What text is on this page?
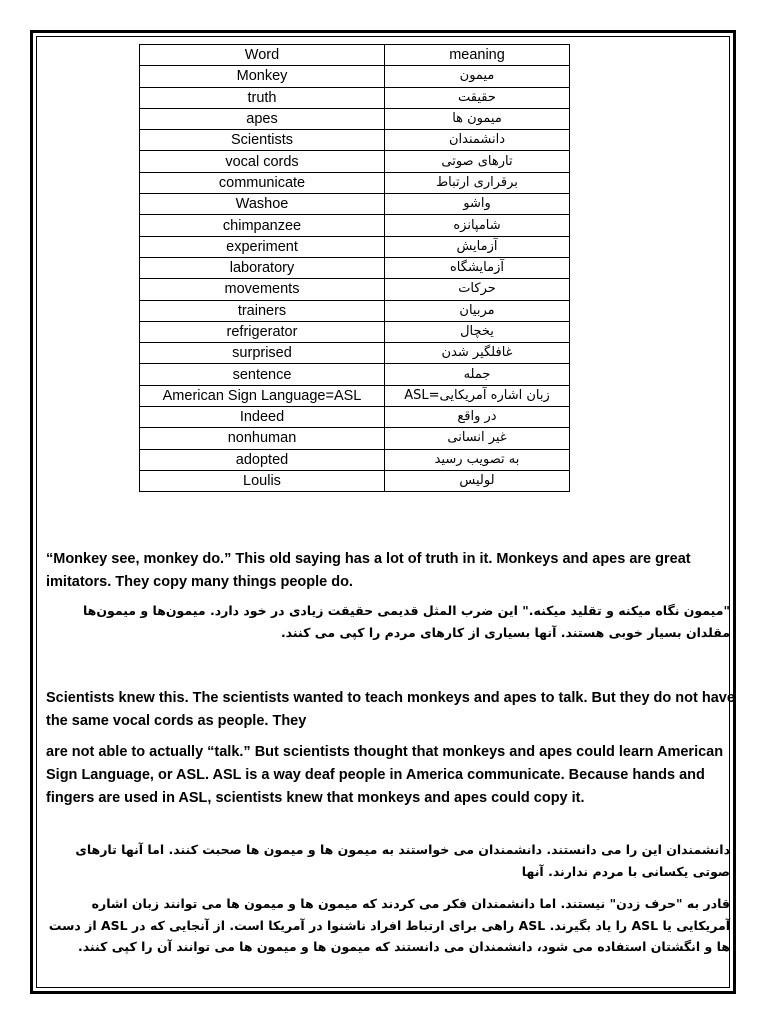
Word	meaning
Monkey	میمون
truth	حقیقت
apes	میمون ها
Scientists	دانشمندان
vocal cords	تارهای صوتی
communicate	برقراری ارتباط
Washoe	واشو
chimpanzee	شامپانزه
experiment	آزمایش
laboratory	آزمایشگاه
movements	حرکات
trainers	مربیان
refrigerator	یخچال
surprised	غافلگیر شدن
sentence	جمله
American Sign Language=ASL	زبان اشاره آمریکایی=ASL
Indeed	در واقع
nonhuman	غیر انسانی
adopted	به تصویب رسید
Loulis	لولیس

“Monkey see, monkey do.” This old saying has a lot of truth in it. Monkeys and apes are great imitators. They copy many things people do.

"میمون نگاه میکنه و تقلید میکنه." این ضرب المثل قدیمی حقیقت زیادی در خود دارد. میمون‌ها و میمون‌ها مقلدان بسیار خوبی هستند. آنها بسیاری از کارهای مردم را کپی می کنند.

Scientists knew this. The scientists wanted to teach monkeys and apes to talk. But they do not have the same vocal cords as people. They

are not able to actually “talk.” But scientists thought that monkeys and apes could learn American Sign Language, or ASL. ASL is a way deaf people in America communicate. Because hands and fingers are used in ASL, scientists knew that monkeys and apes could copy it.

دانشمندان این را می دانستند. دانشمندان می خواستند به میمون ها و میمون ها صحبت کنند. اما آنها تارهای صوتی یکسانی با مردم ندارند. آنها

قادر به "حرف زدن" نیستند. اما دانشمندان فکر می کردند که میمون ها و میمون ها می توانند زبان اشاره آمریکایی یا ASL را یاد بگیرند. ASL راهی برای ارتباط افراد ناشنوا در آمریکا است. از آنجایی که در ASL از دست ها و انگشتان استفاده می شود، دانشمندان می دانستند که میمون ها و میمون ها می توانند آن را کپی کنند.
